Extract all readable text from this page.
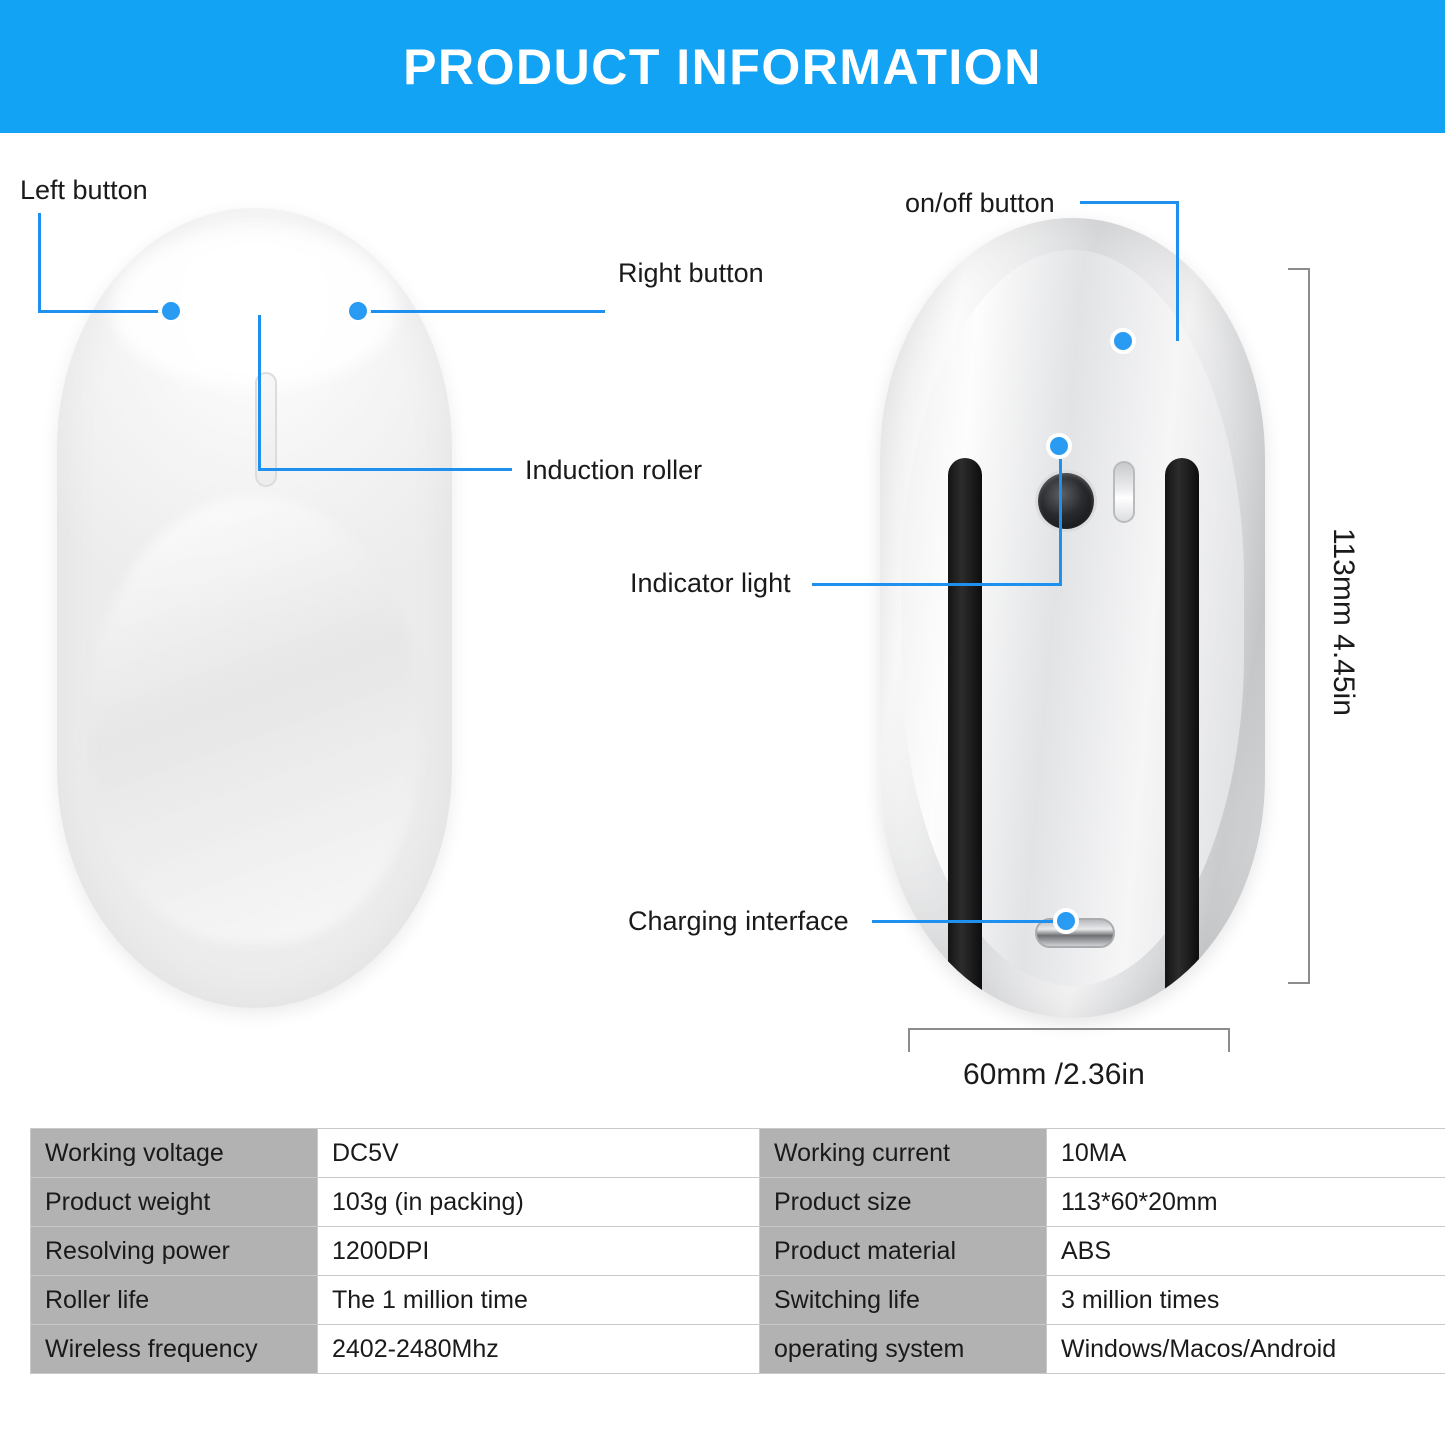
PRODUCT INFORMATION
Left button
Right button
Induction roller
on/off button
Indicator light
Charging interface
113mm 4.45in
60mm /2.36in
Working voltage	DC5V	Working current	10MA
Product weight	103g (in packing)	Product size	113*60*20mm
Resolving power	1200DPI	Product material	ABS
Roller life	The 1 million time	Switching life	3 million times
Wireless frequency	2402-2480Mhz	operating system	Windows/Macos/Android
